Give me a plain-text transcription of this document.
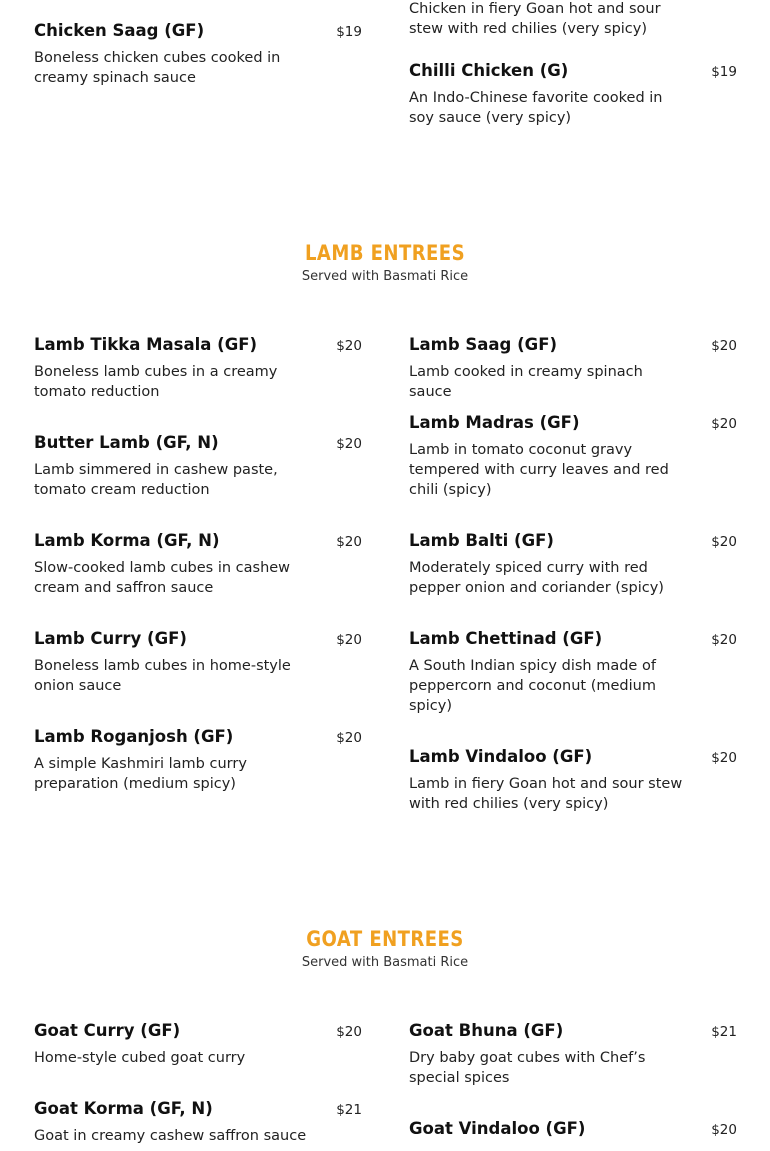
Chicken in fiery Goan hot and sour stew with red chilies (very spicy)
Chicken Saag (GF)	$19
Boneless chicken cubes cooked in creamy spinach sauce	Chilli Chicken (G)	$19
An Indo-Chinese favorite cooked in soy sauce (very spicy)
LAMB ENTREES
Served with Basmati Rice
Lamb Tikka Masala (GF)	$20
Boneless lamb cubes in a creamy tomato reduction
Butter Lamb (GF, N)	$20
Lamb simmered in cashew paste, tomato cream reduction
Lamb Korma (GF, N)	$20
Slow-cooked lamb cubes in cashew cream and saffron sauce
Lamb Curry (GF)	$20
Boneless lamb cubes in home-style onion sauce
Lamb Roganjosh (GF)	$20
A simple Kashmiri lamb curry preparation (medium spicy)
Lamb Saag (GF)	$20
Lamb cooked in creamy spinach sauce
Lamb Madras (GF)	$20
Lamb in tomato coconut gravy tempered with curry leaves and red chili (spicy)
Lamb Balti (GF)	$20
Moderately spiced curry with red pepper onion and coriander (spicy)
Lamb Chettinad (GF)	$20
A South Indian spicy dish made of peppercorn and coconut (medium spicy)
Lamb Vindaloo (GF)	$20
Lamb in fiery Goan hot and sour stew with red chilies (very spicy)
GOAT ENTREES
Served with Basmati Rice
Goat Curry (GF)	$20
Home-style cubed goat curry
Goat Korma (GF, N)	$21
Goat in creamy cashew saffron sauce
Goat Bhuna (GF)	$21
Dry baby goat cubes with Chef’s special spices
Goat Vindaloo (GF)	$20
